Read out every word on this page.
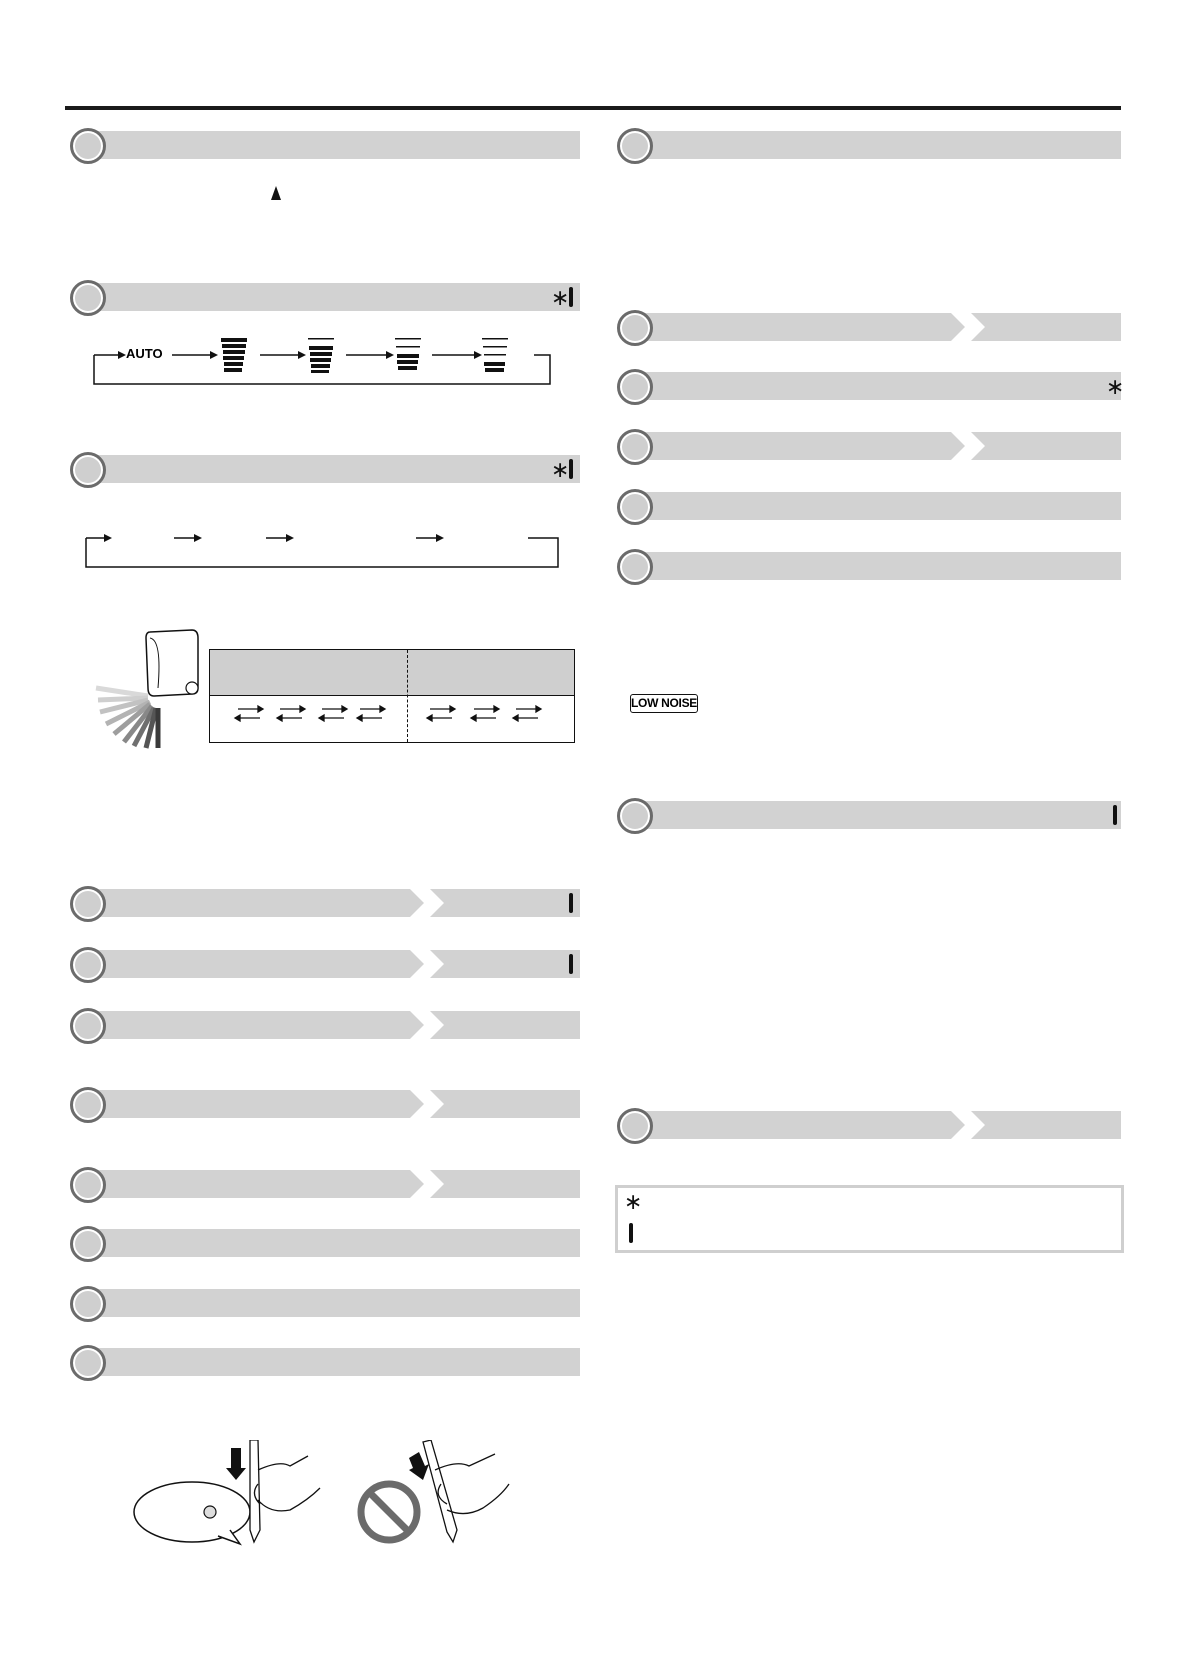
∗
AUTO
∗
∗
LOW NOISE
∗
